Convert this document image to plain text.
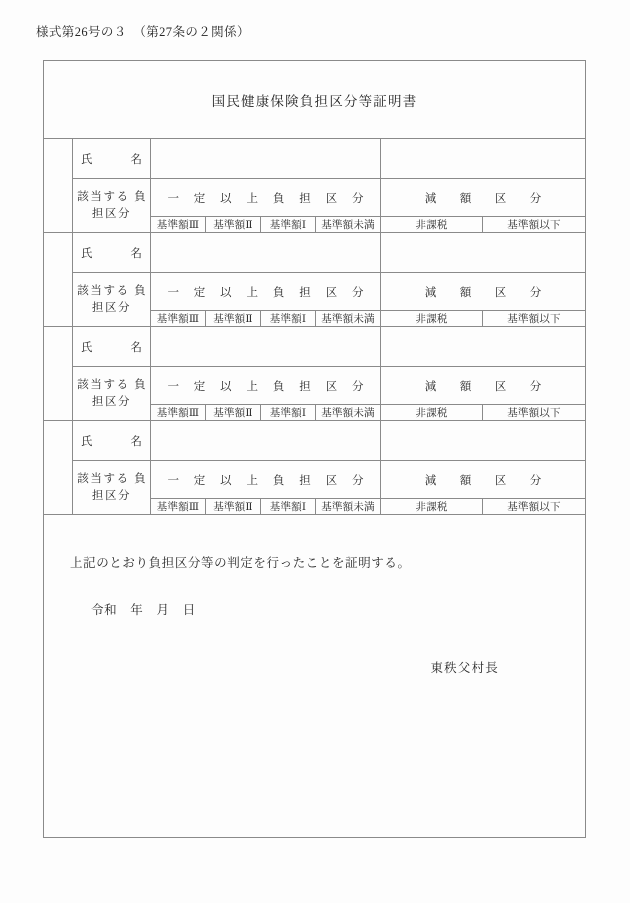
様式第26号の３　（第27条の２関係）
国民健康保険負担区分等証明書
氏　　名
該当する 負担区分
一 定 以 上 負 担 区 分	減　額　区　分
基準額Ⅲ	基準額Ⅱ	基準額Ⅰ	基準額未満	非課税	基準額以下
氏　　名
該当する 負担区分
一 定 以 上 負 担 区 分	減　額　区　分
基準額Ⅲ	基準額Ⅱ	基準額Ⅰ	基準額未満	非課税	基準額以下
氏　　名
該当する 負担区分
一 定 以 上 負 担 区 分	減　額　区　分
基準額Ⅲ	基準額Ⅱ	基準額Ⅰ	基準額未満	非課税	基準額以下
氏　　名
該当する 負担区分
一 定 以 上 負 担 区 分	減　額　区　分
基準額Ⅲ	基準額Ⅱ	基準額Ⅰ	基準額未満	非課税	基準額以下
上記のとおり負担区分等の判定を行ったことを証明する。
令和　年　月　日
東秩父村長
